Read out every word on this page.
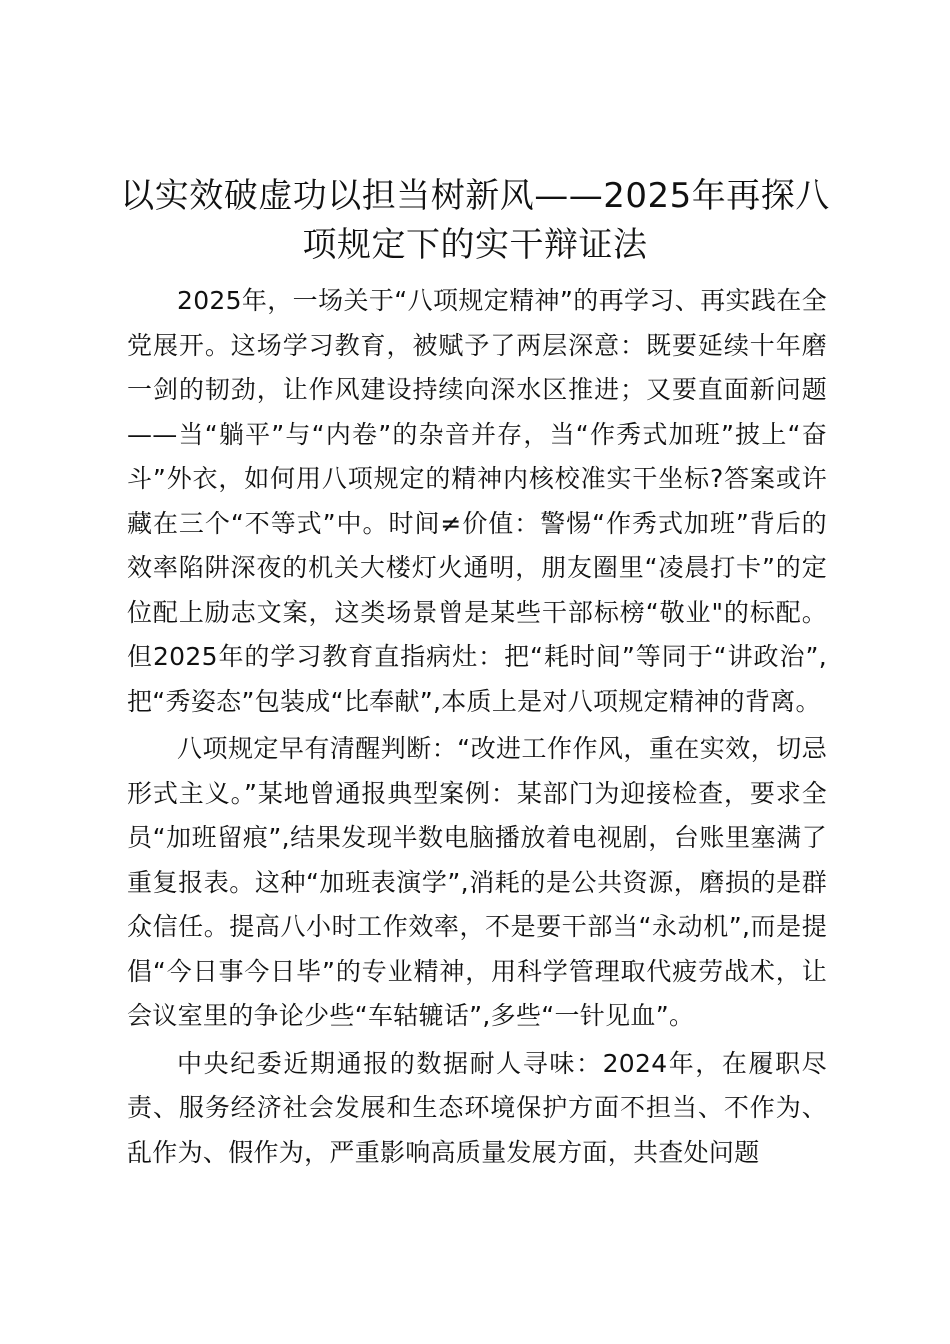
以实效破虚功以担当树新风——2025年再探八项规定下的实干辩证法

2025年，一场关于“八项规定精神”的再学习、再实践在全党展开。这场学习教育，被赋予了两层深意：既要延续十年磨一剑的韧劲，让作风建设持续向深水区推进；又要直面新问题——当“躺平”与“内卷”的杂音并存，当“作秀式加班”披上“奋斗”外衣，如何用八项规定的精神内核校准实干坐标?答案或许藏在三个“不等式”中。时间≠价值：警惕“作秀式加班”背后的效率陷阱深夜的机关大楼灯火通明，朋友圈里“凌晨打卡”的定位配上励志文案，这类场景曾是某些干部标榜“敬业"的标配。但2025年的学习教育直指病灶：把“耗时间”等同于“讲政治”,把“秀姿态”包装成“比奉献”,本质上是对八项规定精神的背离。

八项规定早有清醒判断：“改进工作作风，重在实效，切忌形式主义。”某地曾通报典型案例：某部门为迎接检查，要求全员“加班留痕”,结果发现半数电脑播放着电视剧，台账里塞满了重复报表。这种“加班表演学”,消耗的是公共资源，磨损的是群众信任。提高八小时工作效率，不是要干部当“永动机”,而是提倡“今日事今日毕”的专业精神，用科学管理取代疲劳战术，让会议室里的争论少些“车轱辘话”,多些“一针见血”。

中央纪委近期通报的数据耐人寻味：2024年，在履职尽责、服务经济社会发展和生态环境保护方面不担当、不作为、乱作为、假作为，严重影响高质量发展方面，共查处问题
